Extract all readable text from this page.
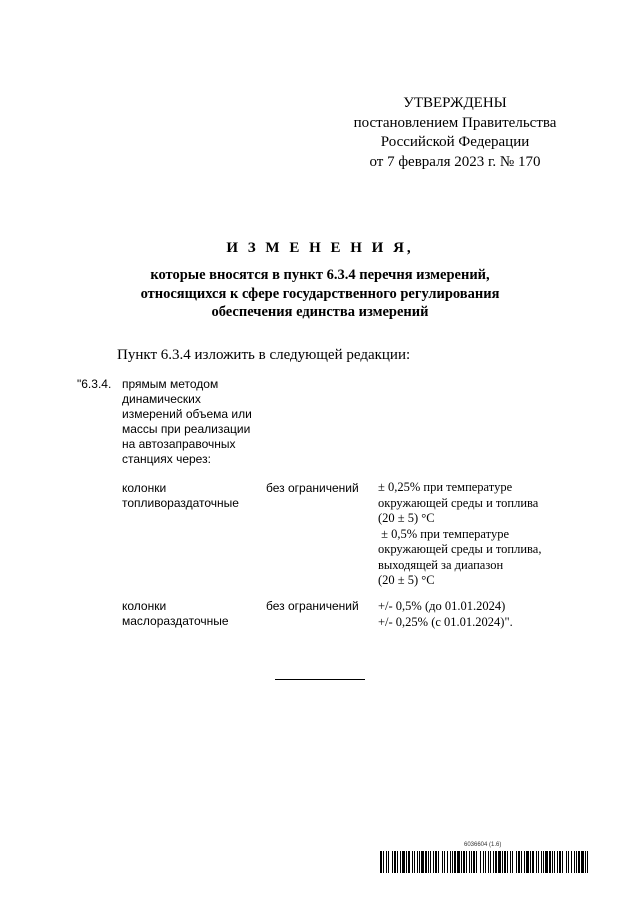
УТВЕРЖДЕНЫ
постановлением Правительства
Российской Федерации
от 7 февраля 2023 г. № 170
И З М Е Н Е Н И Я,
которые вносятся в пункт 6.3.4 перечня измерений,
относящихся к сфере государственного регулирования
обеспечения единства измерений
Пункт 6.3.4 изложить в следующей редакции:
"6.3.4. прямым методом
динамических
измерений объема или
массы при реализации
на автозаправочных
станциях через:
колонки
топливораздаточные
без ограничений ± 0,25% при температуре
окружающей среды и топлива
(20 ± 5) °С
± 0,5% при температуре
окружающей среды и топлива,
выходящей за диапазон
(20 ± 5) °С
колонки
маслораздаточные
без ограничений +/- 0,5% (до 01.01.2024)
+/- 0,25% (с 01.01.2024)".
6036604 (1.6)
